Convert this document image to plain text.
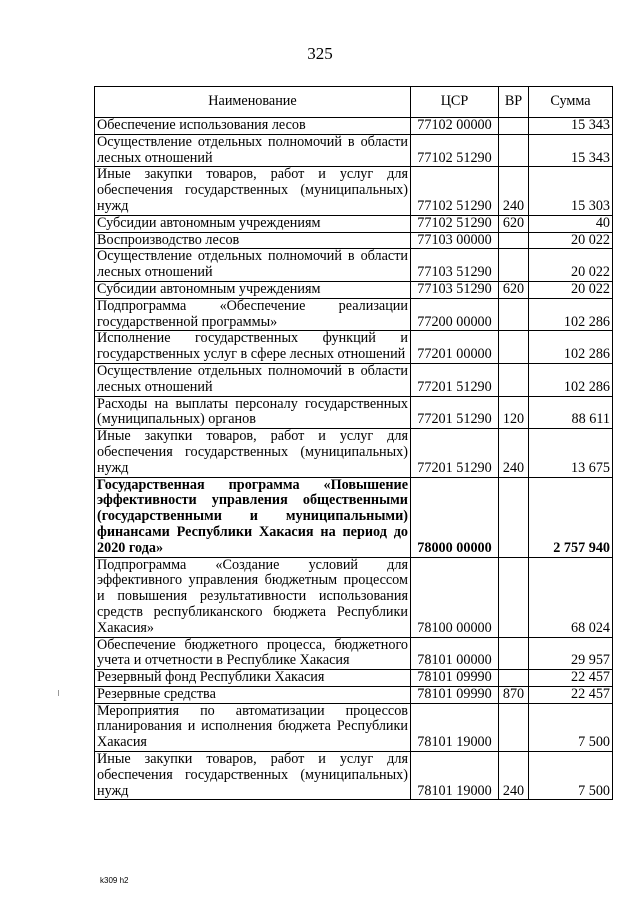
325
Наименование	ЦСР	ВР	Сумма
Обеспечение использования лесов	77102 00000		15 343
Осуществление отдельных полномочий в области лесных отношений	77102 51290		15 343
Иные закупки товаров, работ и услуг для обеспечения государственных (муниципальных) нужд	77102 51290	240	15 303
Субсидии автономным учреждениям	77102 51290	620	40
Воспроизводство лесов	77103 00000		20 022
Осуществление отдельных полномочий в области лесных отношений	77103 51290		20 022
Субсидии автономным учреждениям	77103 51290	620	20 022
Подпрограмма «Обеспечение реализации государственной программы»	77200 00000		102 286
Исполнение государственных функций и государственных услуг в сфере лесных отношений	77201 00000		102 286
Осуществление отдельных полномочий в области лесных отношений	77201 51290		102 286
Расходы на выплаты персоналу государственных (муниципальных) органов	77201 51290	120	88 611
Иные закупки товаров, работ и услуг для обеспечения государственных (муниципальных) нужд	77201 51290	240	13 675
Государственная программа «Повышение эффективности управления общественными (государственными и муниципальными) финансами Республики Хакасия на период до 2020 года»	78000 00000		2 757 940
Подпрограмма «Создание условий для эффективного управления бюджетным процессом и повышения результативности использования средств республиканского бюджета Республики Хакасия»	78100 00000		68 024
Обеспечение бюджетного процесса, бюджетного учета и отчетности в Республике Хакасия	78101 00000		29 957
Резервный фонд Республики Хакасия	78101 09990		22 457
Резервные средства	78101 09990	870	22 457
Мероприятия по автоматизации процессов планирования и исполнения бюджета Республики Хакасия	78101 19000		7 500
Иные закупки товаров, работ и услуг для обеспечения государственных (муниципальных) нужд	78101 19000	240	7 500
k309 h2
